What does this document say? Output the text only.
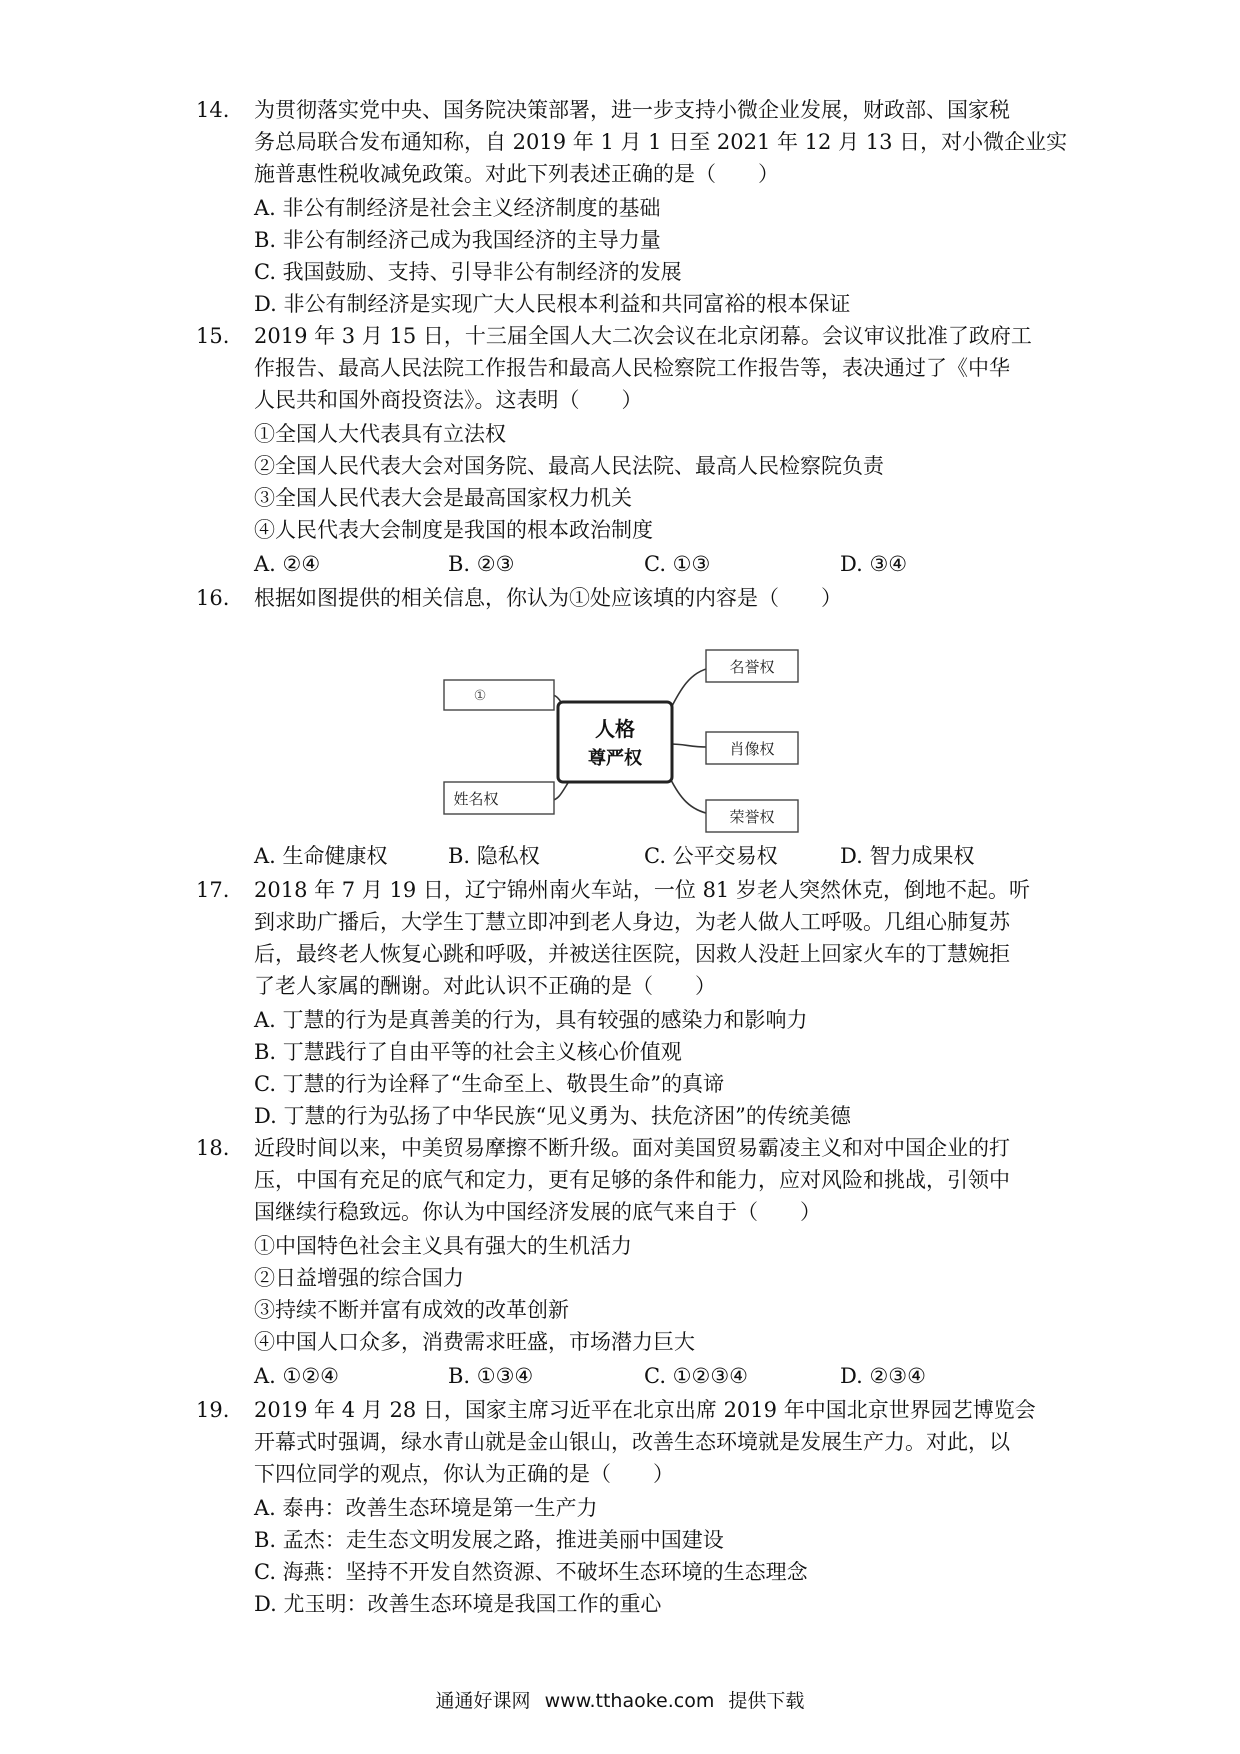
14.	为贯彻落实党中央、国务院决策部署，进一步支持小微企业发展，财政部、国家税
务总局联合发布通知称，自 2019 年 1 月 1 日至 2021 年 12 月 13 日，对小微企业实
施普惠性税收减免政策。对此下列表述正确的是（　　）
A. 非公有制经济是社会主义经济制度的基础
B. 非公有制经济己成为我国经济的主导力量
C. 我国鼓励、支持、引导非公有制经济的发展
D. 非公有制经济是实现广大人民根本利益和共同富裕的根本保证
15.	2019 年 3 月 15 日，十三届全国人大二次会议在北京闭幕。会议审议批准了政府工
作报告、最高人民法院工作报告和最高人民检察院工作报告等，表决通过了《中华
人民共和国外商投资法》。这表明（　　）
①全国人大代表具有立法权
②全国人民代表大会对国务院、最高人民法院、最高人民检察院负责
③全国人民代表大会是最高国家权力机关
④人民代表大会制度是我国的根本政治制度
A. ②④	B. ②③	C. ①③	D. ③④
16.	根据如图提供的相关信息，你认为①处应该填的内容是（　　）
人格
尊严权
①
姓名权
名誉权
肖像权
荣誉权
A. 生命健康权	B. 隐私权	C. 公平交易权	D. 智力成果权
17.	2018 年 7 月 19 日，辽宁锦州南火车站，一位 81 岁老人突然休克，倒地不起。听
到求助广播后，大学生丁慧立即冲到老人身边，为老人做人工呼吸。几组心肺复苏
后，最终老人恢复心跳和呼吸，并被送往医院，因救人没赶上回家火车的丁慧婉拒
了老人家属的酬谢。对此认识不正确的是（　　）
A. 丁慧的行为是真善美的行为，具有较强的感染力和影响力
B. 丁慧践行了自由平等的社会主义核心价值观
C. 丁慧的行为诠释了“生命至上、敬畏生命”的真谛
D. 丁慧的行为弘扬了中华民族“见义勇为、扶危济困”的传统美德
18.	近段时间以来，中美贸易摩擦不断升级。面对美国贸易霸凌主义和对中国企业的打
压，中国有充足的底气和定力，更有足够的条件和能力，应对风险和挑战，引领中
国继续行稳致远。你认为中国经济发展的底气来自于（　　）
①中国特色社会主义具有强大的生机活力
②日益增强的综合国力
③持续不断并富有成效的改革创新
④中国人口众多，消费需求旺盛，市场潜力巨大
A. ①②④	B. ①③④	C. ①②③④	D. ②③④
19.	2019 年 4 月 28 日，国家主席习近平在北京出席 2019 年中国北京世界园艺博览会
开幕式时强调，绿水青山就是金山银山，改善生态环境就是发展生产力。对此，以
下四位同学的观点，你认为正确的是（　　）
A. 泰冉：改善生态环境是第一生产力
B. 孟杰：走生态文明发展之路，推进美丽中国建设
C. 海燕：坚持不开发自然资源、不破坏生态环境的生态理念
D. 尤玉明：改善生态环境是我国工作的重心
通通好课网 www.tthaoke.com 提供下载
